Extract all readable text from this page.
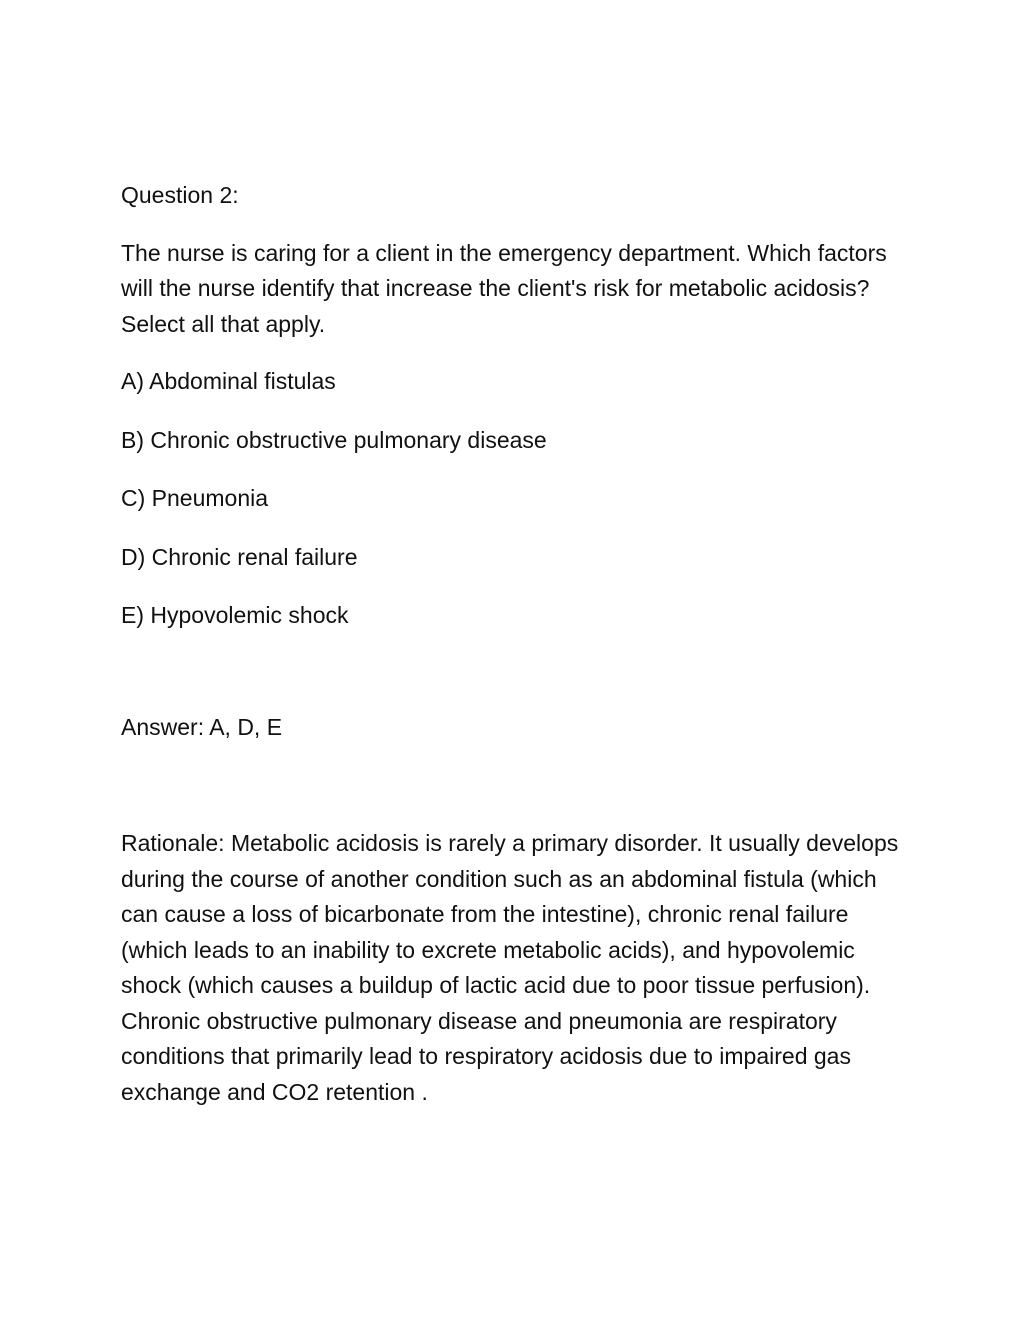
Question 2:

The nurse is caring for a client in the emergency department. Which factors will the nurse identify that increase the client's risk for metabolic acidosis? Select all that apply.

A) Abdominal fistulas
B) Chronic obstructive pulmonary disease
C) Pneumonia
D) Chronic renal failure
E) Hypovolemic shock

Answer: A, D, E

Rationale: Metabolic acidosis is rarely a primary disorder. It usually develops during the course of another condition such as an abdominal fistula (which can cause a loss of bicarbonate from the intestine), chronic renal failure (which leads to an inability to excrete metabolic acids), and hypovolemic shock (which causes a buildup of lactic acid due to poor tissue perfusion). Chronic obstructive pulmonary disease and pneumonia are respiratory conditions that primarily lead to respiratory acidosis due to impaired gas exchange and CO2 retention .
